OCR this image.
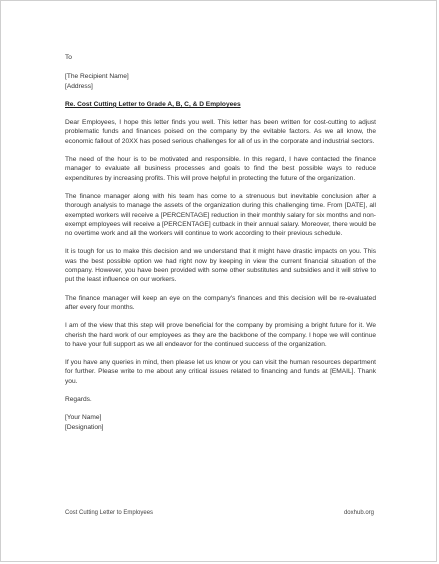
To

[The Recipient Name]

[Address]

Re. Cost Cutting Letter to Grade A, B, C, & D Employees

Dear Employees, I hope this letter finds you well. This letter has been written for cost-cutting to adjust problematic funds and finances poised on the company by the evitable factors. As we all know, the economic fallout of 20XX has posed serious challenges for all of us in the corporate and industrial sectors.

The need of the hour is to be motivated and responsible. In this regard, I have contacted the finance manager to evaluate all business processes and goals to find the best possible ways to reduce expenditures by increasing profits. This will prove helpful in protecting the future of the organization.

The finance manager along with his team has come to a strenuous but inevitable conclusion after a thorough analysis to manage the assets of the organization during this challenging time. From [DATE], all exempted workers will receive a [PERCENTAGE] reduction in their monthly salary for six months and non-exempt employees will receive a [PERCENTAGE] cutback in their annual salary. Moreover, there would be no overtime work and all the workers will continue to work according to their previous schedule.

It is tough for us to make this decision and we understand that it might have drastic impacts on you. This was the best possible option we had right now by keeping in view the current financial situation of the company. However, you have been provided with some other substitutes and subsidies and it will strive to put the least influence on our workers.

The finance manager will keep an eye on the company's finances and this decision will be re-evaluated after every four months.

I am of the view that this step will prove beneficial for the company by promising a bright future for it. We cherish the hard work of our employees as they are the backbone of the company. I hope we will continue to have your full support as we all endeavor for the continued success of the organization.

If you have any queries in mind, then please let us know or you can visit the human resources department for further. Please write to me about any critical issues related to financing and funds at [EMAIL]. Thank you.

Regards.

[Your Name]

[Designation]

Cost Cutting Letter to Employees	doxhub.org
